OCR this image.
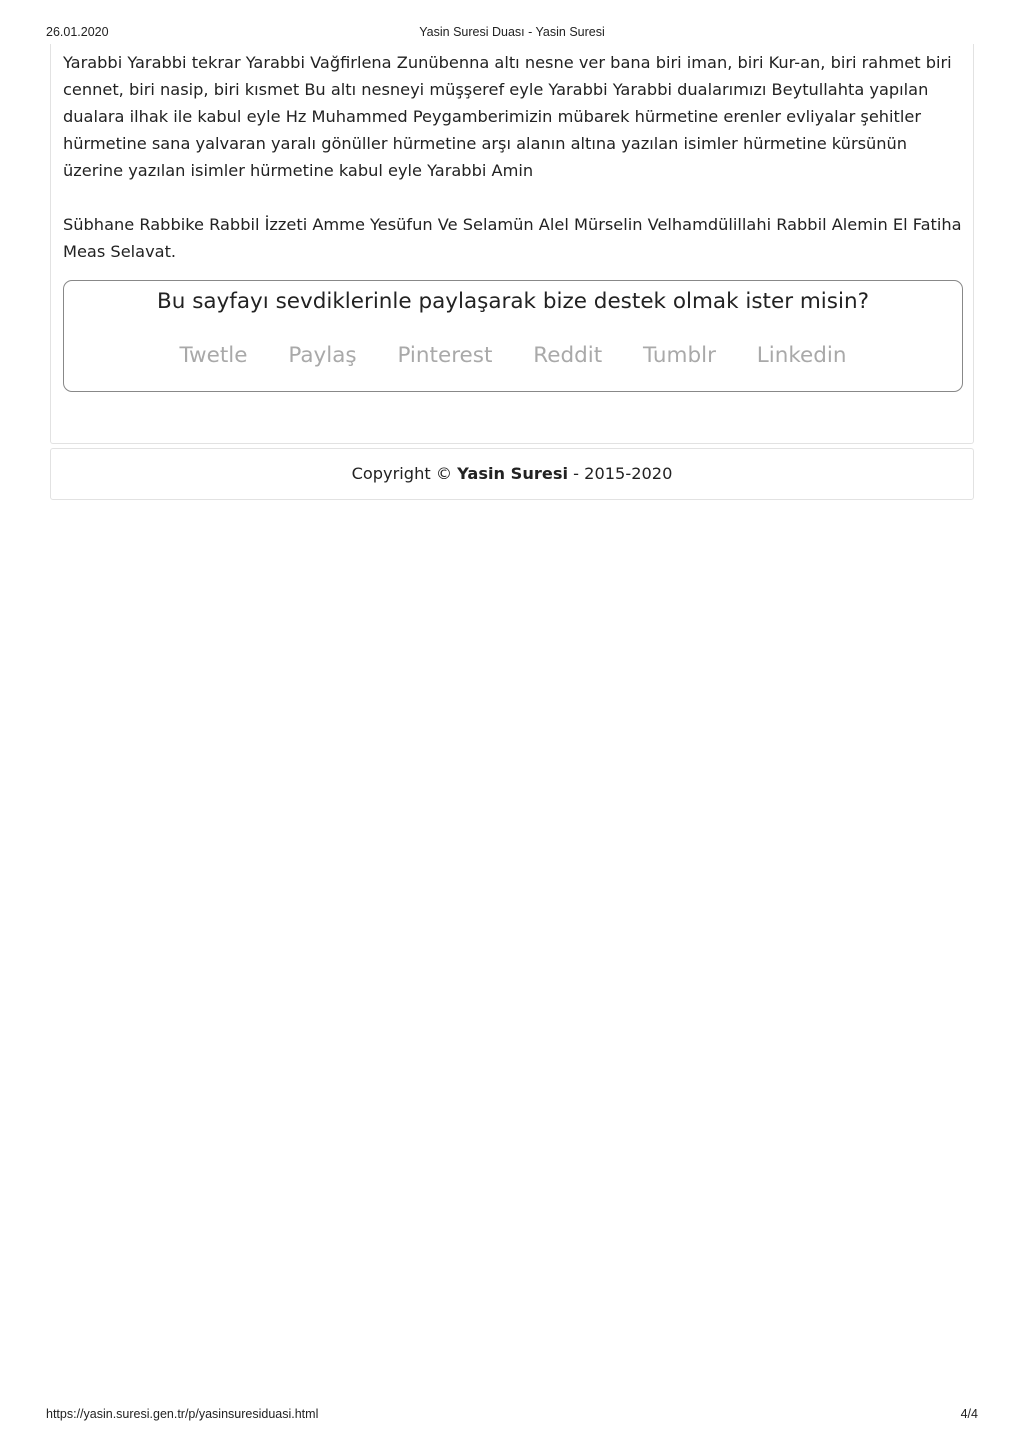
26.01.2020	Yasin Suresi Duası - Yasin Suresi

Yarabbi Yarabbi tekrar Yarabbi Vağfirlena Zunübenna altı nesne ver bana biri iman, biri Kur-an, biri rahmet biri cennet, biri nasip, biri kısmet Bu altı nesneyi müşşeref eyle Yarabbi Yarabbi dualarımızı Beytullahta yapılan dualara ilhak ile kabul eyle Hz Muhammed Peygamberimizin mübarek hürmetine erenler evliyalar şehitler hürmetine sana yalvaran yaralı gönüller hürmetine arşı alanın altına yazılan isimler hürmetine kürsünün üzerine yazılan isimler hürmetine kabul eyle Yarabbi Amin

Sübhane Rabbike Rabbil İzzeti Amme Yesüfun Ve Selamün Alel Mürselin Velhamdülillahi Rabbil Alemin El Fatiha Meas Selavat.

Bu sayfayı sevdiklerinle paylaşarak bize destek olmak ister misin?
Twetle Paylaş Pinterest Reddit Tumblr Linkedin
Copyright © Yasin Suresi - 2015-2020
https://yasin.suresi.gen.tr/p/yasinsuresiduasi.html	4/4
